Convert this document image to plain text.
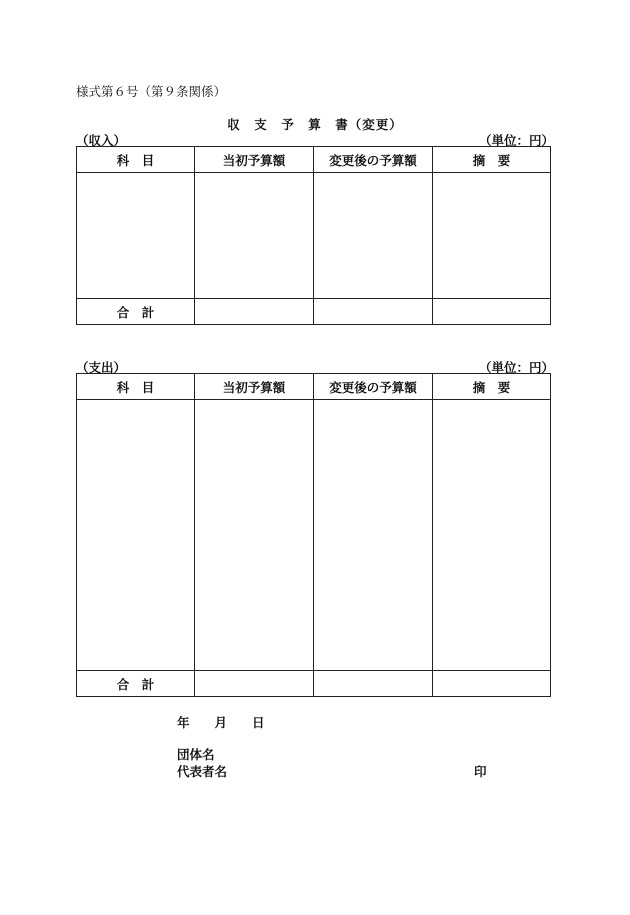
様式第６号（第９条関係）
収　支　予　算　書（変更）
（収入）	（単位：円）
科　目	当初予算額	変更後の予算額	摘　要

合　計			
（支出）	（単位：円）
科　目	当初予算額	変更後の予算額	摘　要

合　計			
年　　月　　日
団体名
代表者名	印
